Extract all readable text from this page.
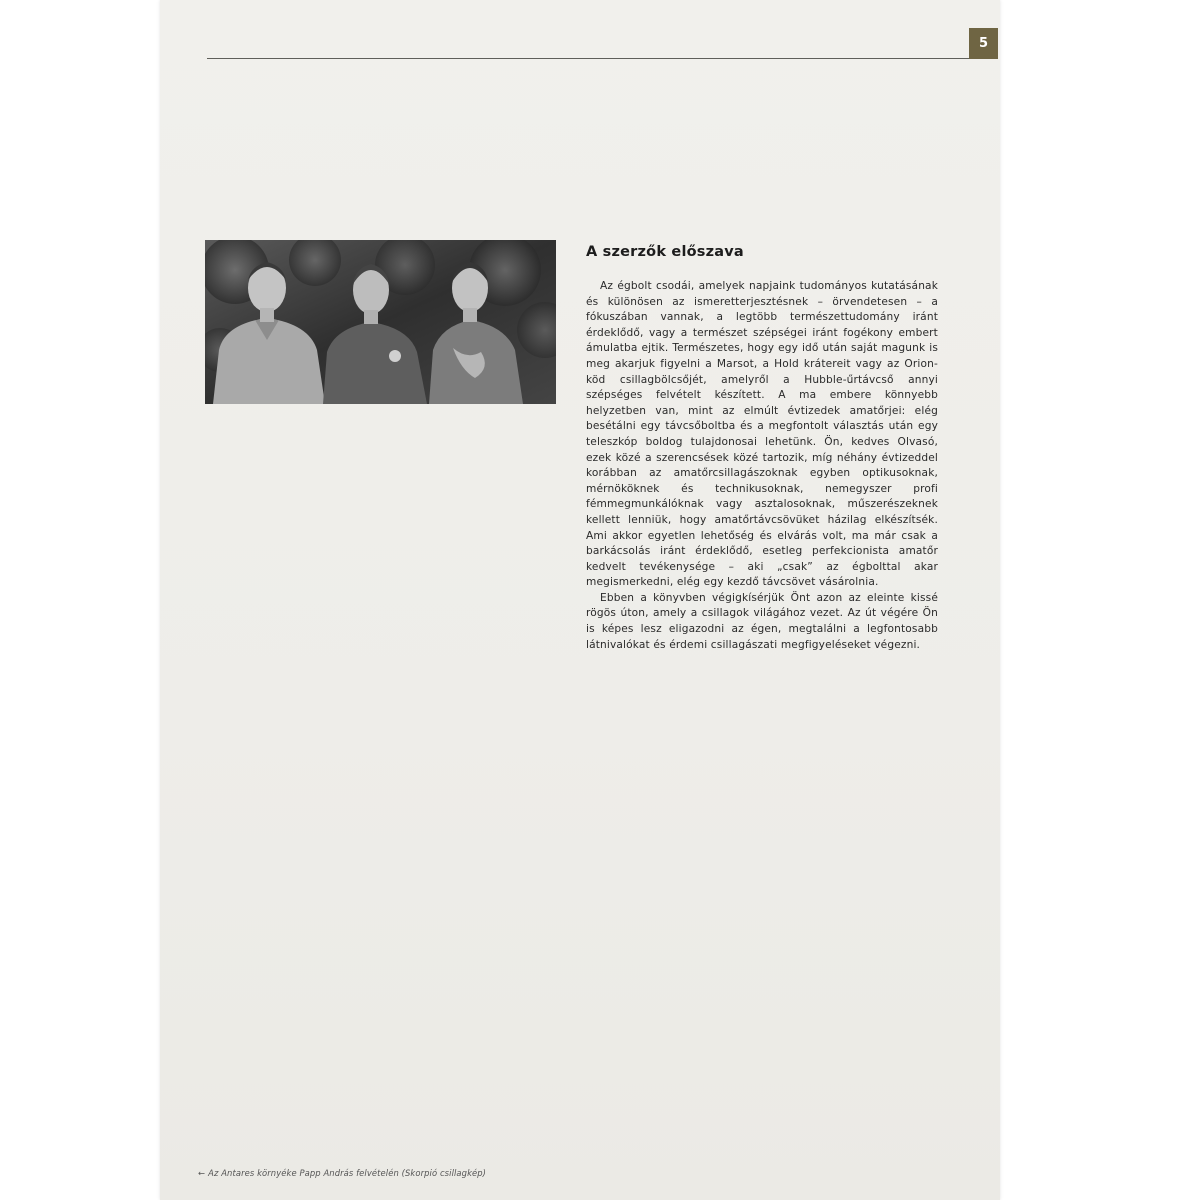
5
A szerzők előszava

Az égbolt csodái, amelyek napjaink tudományos kutatásának és különösen az ismeretterjesztésnek – örvendetesen – a fókuszában vannak, a legtöbb természettudomány iránt érdeklődő, vagy a természet szépségei iránt fogékony embert ámulatba ejtik. Természetes, hogy egy idő után saját magunk is meg akarjuk figyelni a Marsot, a Hold krátereit vagy az Orion-köd csillagbölcsőjét, amelyről a Hubble-űrtávcső annyi szépséges felvételt készített. A ma embere könnyebb helyzetben van, mint az elmúlt évtizedek amatőrjei: elég besétálni egy távcsőboltba és a megfontolt választás után egy teleszkóp boldog tulajdonosai lehetünk. Ön, kedves Olvasó, ezek közé a szerencsések közé tartozik, míg néhány évtizeddel korábban az amatőrcsillagászoknak egyben optikusoknak, mérnököknek és technikusoknak, nemegyszer profi fémmegmunkálóknak vagy asztalosoknak, műszerészeknek kellett lenniük, hogy amatőrtávcsövüket házilag elkészítsék. Ami akkor egyetlen lehetőség és elvárás volt, ma már csak a barkácsolás iránt érdeklődő, esetleg perfekcionista amatőr kedvelt tevékenysége – aki „csak” az égbolttal akar megismerkedni, elég egy kezdő távcsövet vásárolnia.

Ebben a könyvben végigkísérjük Önt azon az eleinte kissé rögös úton, amely a csillagok világához vezet. Az út végére Ön is képes lesz eligazodni az égen, megtalálni a legfontosabb látnivalókat és érdemi csillagászati megfigyeléseket végezni.

← Az Antares környéke Papp András felvételén (Skorpió csillagkép)
